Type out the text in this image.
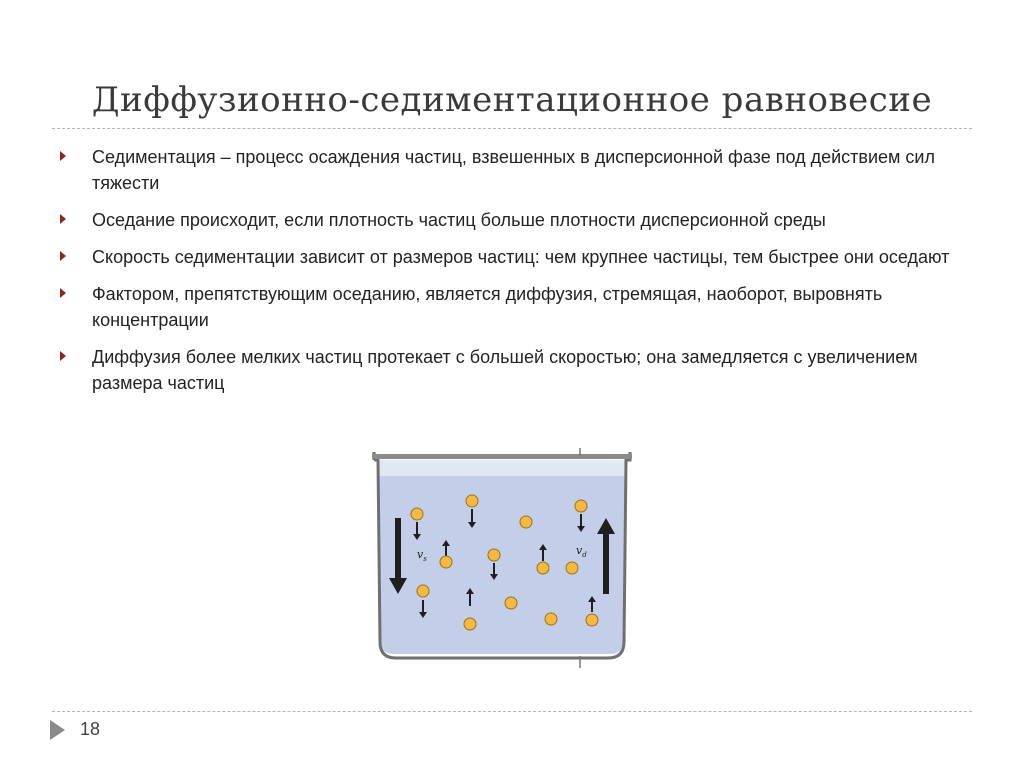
Диффузионно-седиментационное равновесие
Седиментация – процесс осаждения частиц, взвешенных в дисперсионной фазе под действием сил тяжести
Оседание происходит, если плотность частиц больше плотности дисперсионной среды
Скорость седиментации зависит от размеров частиц: чем крупнее частицы, тем быстрее они оседают
Фактором, препятствующим оседанию, является диффузия, стремящая, наоборот, выровнять концентрации
Диффузия более мелких частиц протекает с большей скоростью; она замедляется с увеличением размера частиц
$v_s$
$v_d$
18
